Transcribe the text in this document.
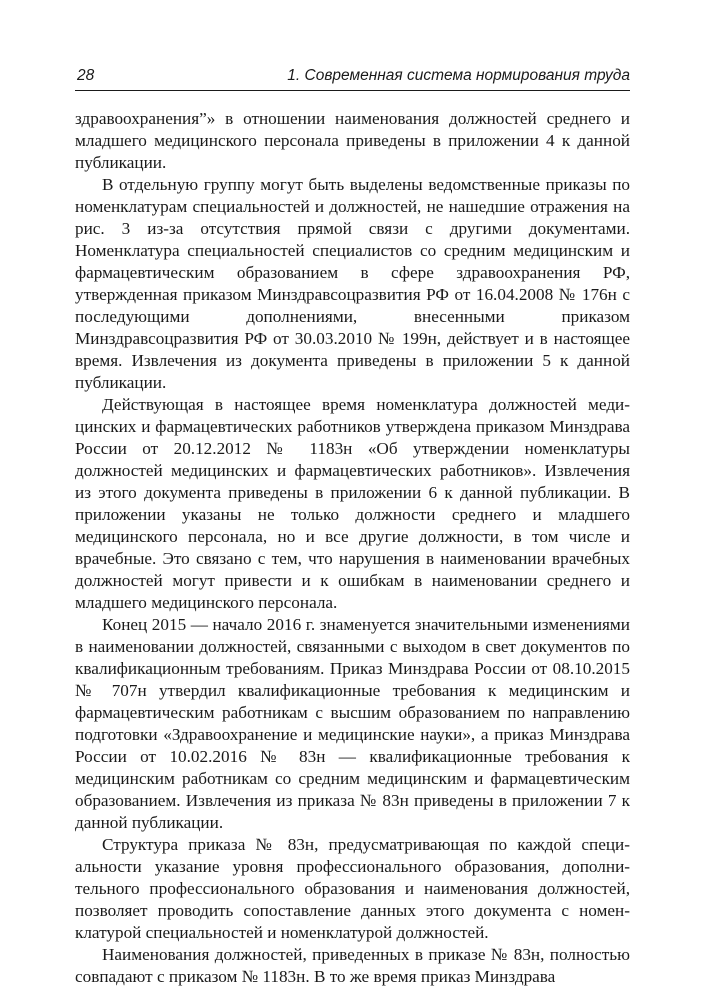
28	1. Современная система нормирования труда

здравоохранения”» в отношении наименования должностей среднего и младшего медицинского персонала приведены в приложении 4 к данной публикации.

В отдельную группу могут быть выделены ведомственные приказы по номенклатурам специальностей и должностей, не нашедшие отражения на рис. 3 из-за отсутствия прямой связи с другими документами. Номенклатура специальностей специалистов со средним медицинским и фармацевтическим образованием в сфере здравоохранения РФ, утвержденная приказом Минздравсоцразвития РФ от 16.04.2008 № 176н с последующими дополнениями, внесенными приказом Минздравсоцразвития РФ от 30.03.2010 № 199н, действует и в настоящее время. Извлечения из документа приведены в приложении 5 к данной публикации.

Действующая в настоящее время номенклатура должностей медицинских и фармацевтических работников утверждена приказом Минздрава России от 20.12.2012 № 1183н «Об утверждении номенклатуры должностей медицинских и фармацевтических работников». Извлечения из этого документа приведены в приложении 6 к данной публикации. В приложении указаны не только должности среднего и младшего медицинского персонала, но и все другие должности, в том числе и врачебные. Это связано с тем, что нарушения в наименовании врачебных должностей могут привести и к ошибкам в наименовании среднего и младшего медицинского персонала.

Конец 2015 — начало 2016 г. знаменуется значительными изменениями в наименовании должностей, связанными с выходом в свет документов по квалификационным требованиям. Приказ Минздрава России от 08.10.2015 № 707н утвердил квалификационные требования к медицинским и фармацевтическим работникам с высшим образованием по направлению подготовки «Здравоохранение и медицинские науки», а приказ Минздрава России от 10.02.2016 № 83н — квалификационные требования к медицинским работникам со средним медицинским и фармацевтическим образованием. Извлечения из приказа № 83н приведены в приложении 7 к данной публикации.

Структура приказа № 83н, предусматривающая по каждой специальности указание уровня профессионального образования, дополнительного профессионального образования и наименования должностей, позволяет проводить сопоставление данных этого документа с номенклатурой специальностей и номенклатурой должностей.

Наименования должностей, приведенных в приказе № 83н, полностью совпадают с приказом № 1183н. В то же время приказ Минздрава
